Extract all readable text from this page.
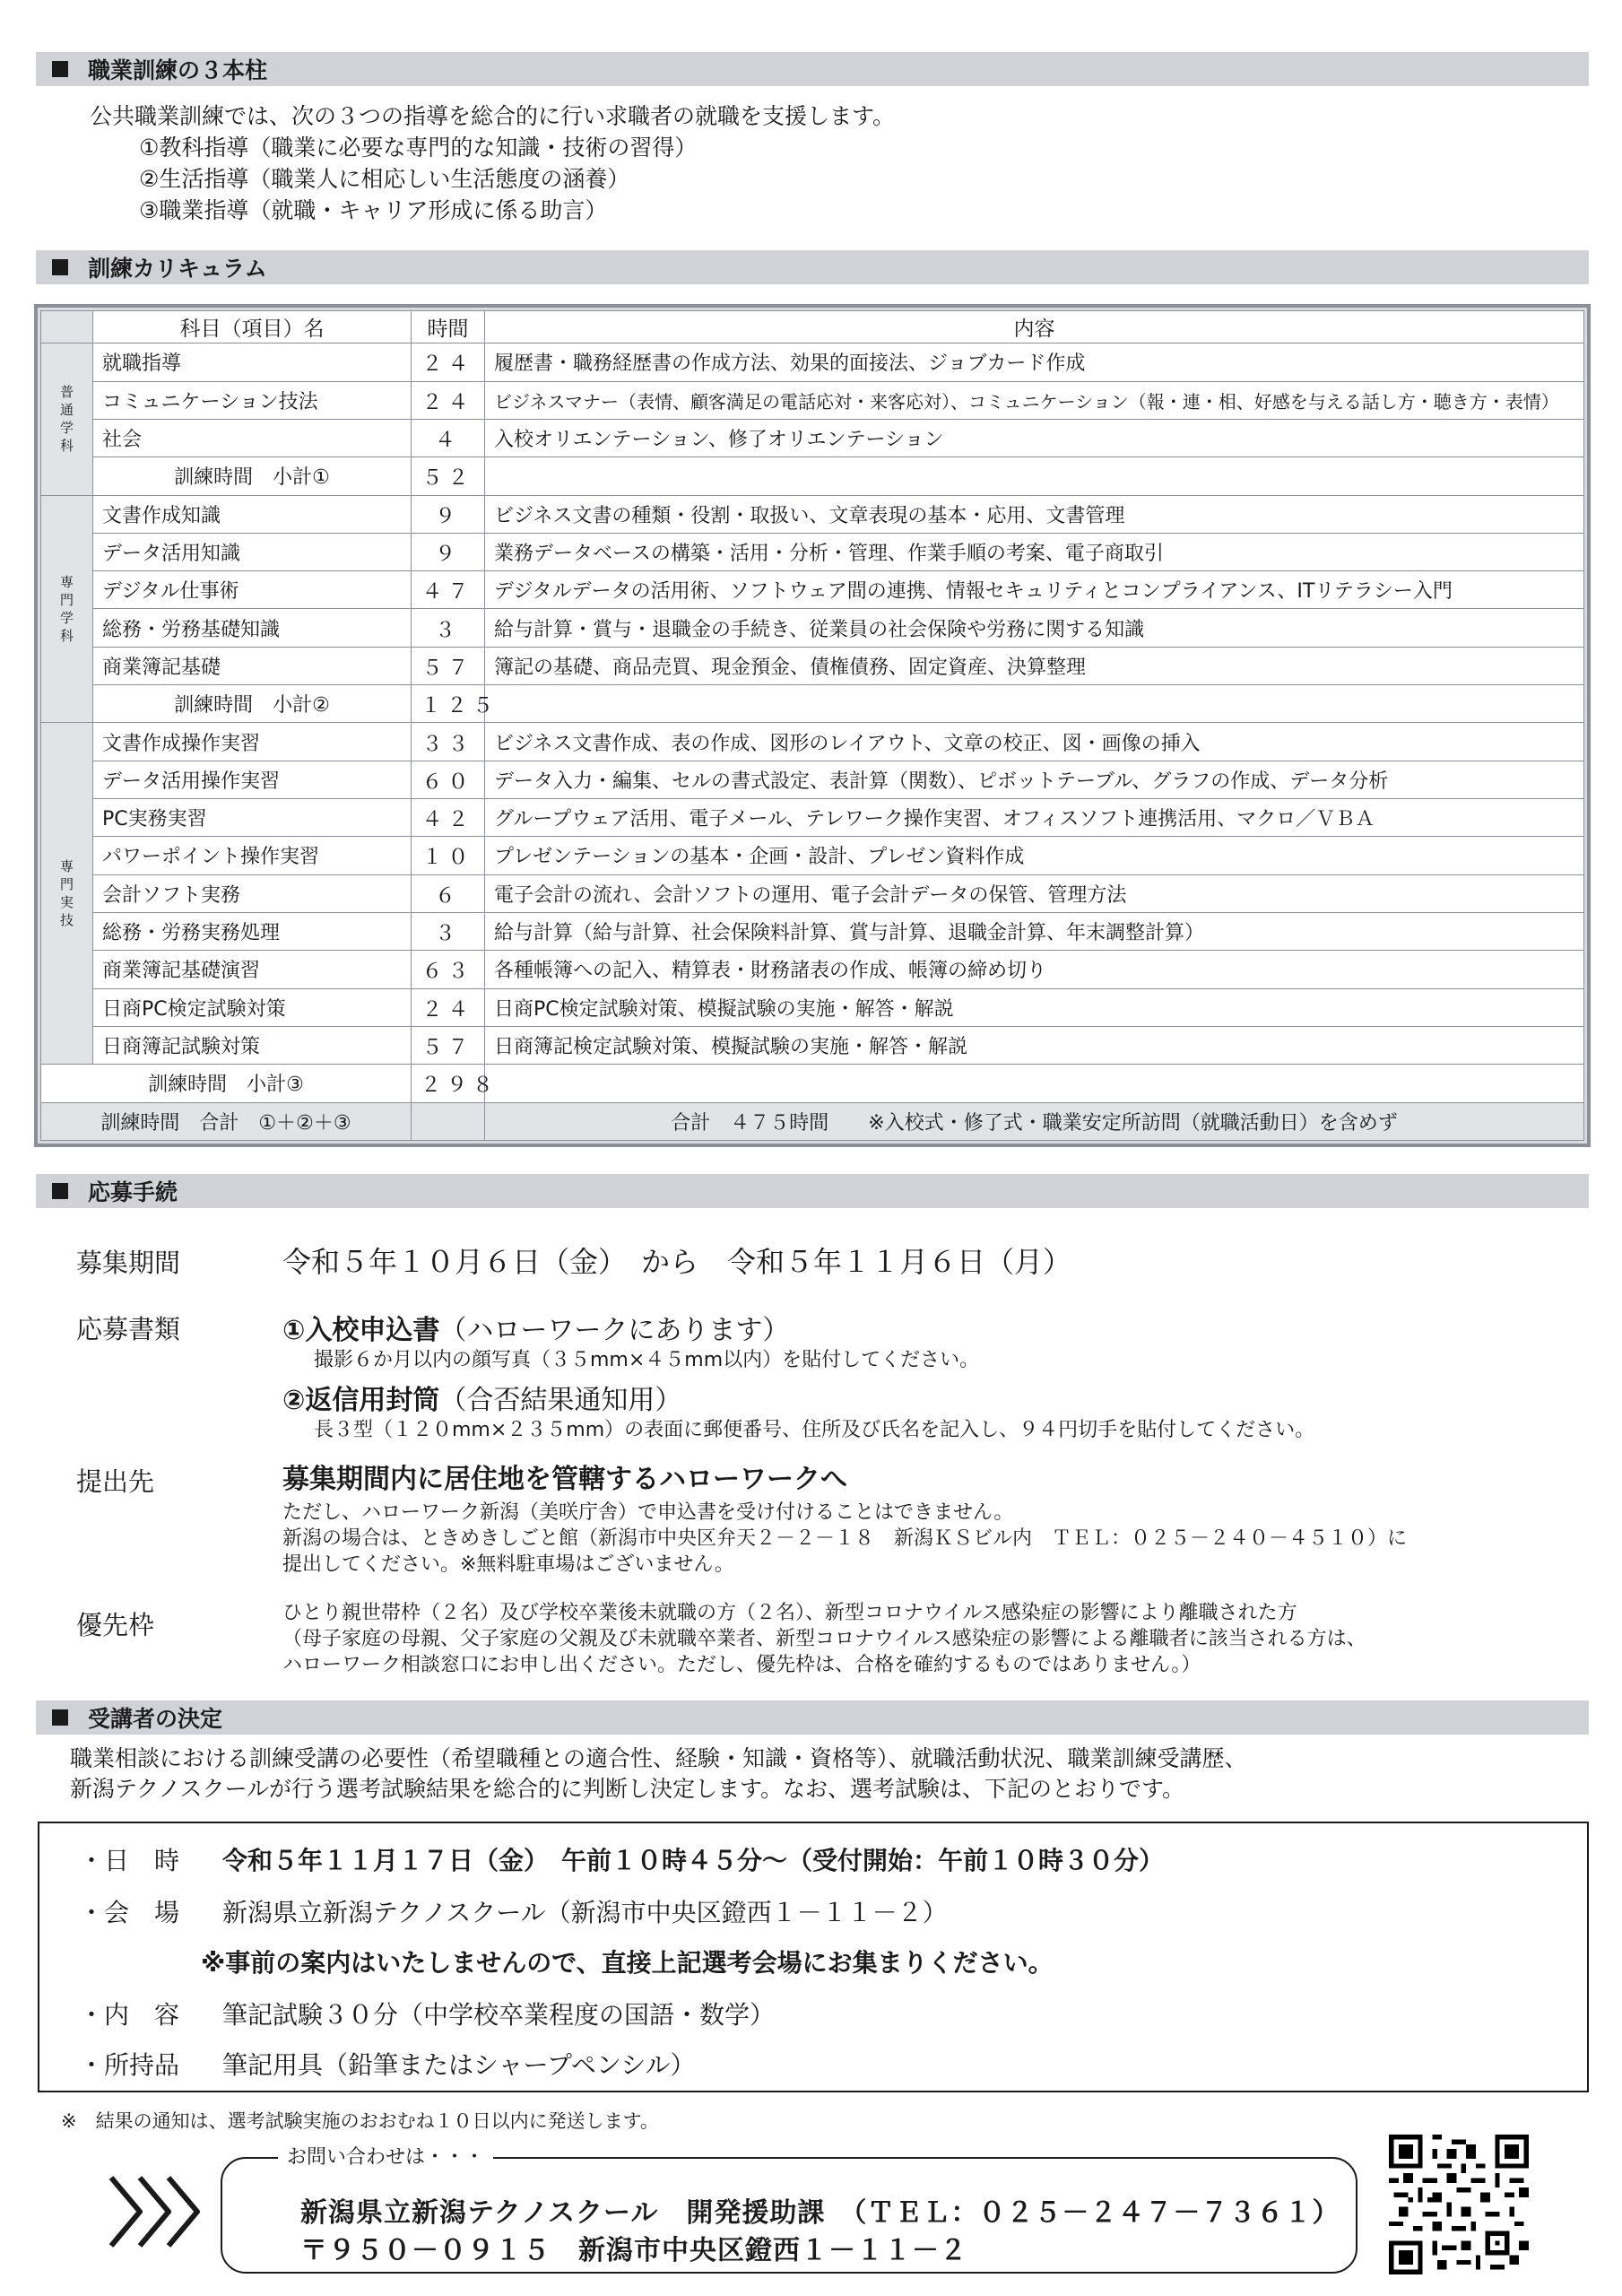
職業訓練の３本柱
公共職業訓練では、次の３つの指導を総合的に行い求職者の就職を支援します。
①教科指導（職業に必要な専門的な知識・技術の習得）
②生活指導（職業人に相応しい生活態度の涵養）
③職業指導（就職・キャリア形成に係る助言）
訓練カリキュラム
	科目（項目）名	時間	内容

普
通
学
科	就職指導	２４	履歴書・職務経歴書の作成方法、効果的面接法、ジョブカード作成
	コミュニケーション技法	２４	ビジネスマナー（表情、顧客満足の電話応対・来客応対）、コミュニケーション（報・連・相、好感を与える話し方・聴き方・表情）
	社会	４	入校オリエンテーション、修了オリエンテーション
	訓練時間　小計①	５２	

専
門
学
科	文書作成知識	９	ビジネス文書の種類・役割・取扱い、文章表現の基本・応用、文書管理
	データ活用知識	９	業務データベースの構築・活用・分析・管理、作業手順の考案、電子商取引
	デジタル仕事術	４７	デジタルデータの活用術、ソフトウェア間の連携、情報セキュリティとコンプライアンス、ITリテラシー入門
	総務・労務基礎知識	３	給与計算・賞与・退職金の手続き、従業員の社会保険や労務に関する知識
	商業簿記基礎	５７	簿記の基礎、商品売買、現金預金、債権債務、固定資産、決算整理
	訓練時間　小計②	１２５	

専
門
実
技	文書作成操作実習	３３	ビジネス文書作成、表の作成、図形のレイアウト、文章の校正、図・画像の挿入
	データ活用操作実習	６０	データ入力・編集、セルの書式設定、表計算（関数）、ピボットテーブル、グラフの作成、データ分析
	PC実務実習	４２	グループウェア活用、電子メール、テレワーク操作実習、オフィスソフト連携活用、マクロ／ＶＢＡ
	パワーポイント操作実習	１０	プレゼンテーションの基本・企画・設計、プレゼン資料作成
	会計ソフト実務	６	電子会計の流れ、会計ソフトの運用、電子会計データの保管、管理方法
	総務・労務実務処理	３	給与計算（給与計算、社会保険料計算、賞与計算、退職金計算、年末調整計算）
	商業簿記基礎演習	６３	各種帳簿への記入、精算表・財務諸表の作成、帳簿の締め切り
	日商PC検定試験対策	２４	日商PC検定試験対策、模擬試験の実施・解答・解説
	日商簿記試験対策	５７	日商簿記検定試験対策、模擬試験の実施・解答・解説
訓練時間　小計③		２９８	
訓練時間　合計　①＋②＋③			合計　４７５時間　　※入校式・修了式・職業安定所訪問（就職活動日）を含めず
応募手続
募集期間	令和５年１０月６日（金）　から　令和５年１１月６日（月）
応募書類	①入校申込書（ハローワークにあります）
撮影６か月以内の顔写真（３５mm×４５mm以内）を貼付してください。
②返信用封筒（合否結果通知用）
長３型（１２０mm×２３５mm）の表面に郵便番号、住所及び氏名を記入し、９４円切手を貼付してください。
提出先	募集期間内に居住地を管轄するハローワークへ
ただし、ハローワーク新潟（美咲庁舎）で申込書を受け付けることはできません。
新潟の場合は、ときめきしごと館（新潟市中央区弁天２－２－１８　新潟ＫＳビル内　ＴＥＬ：０２５－２４０－４５１０）に
提出してください。※無料駐車場はございません。
優先枠	ひとり親世帯枠（２名）及び学校卒業後未就職の方（２名）、新型コロナウイルス感染症の影響により離職された方
（母子家庭の母親、父子家庭の父親及び未就職卒業者、新型コロナウイルス感染症の影響による離職者に該当される方は、
ハローワーク相談窓口にお申し出ください。ただし、優先枠は、合格を確約するものではありません。）
受講者の決定
職業相談における訓練受講の必要性（希望職種との適合性、経験・知識・資格等）、就職活動状況、職業訓練受講歴、
新潟テクノスクールが行う選考試験結果を総合的に判断し決定します。なお、選考試験は、下記のとおりです。
・日　時	令和５年１１月１７日（金）　午前１０時４５分～（受付開始：午前１０時３０分）
・会　場	新潟県立新潟テクノスクール（新潟市中央区鐙西１－１１－２）
※事前の案内はいたしませんので、直接上記選考会場にお集まりください。
・内　容	筆記試験３０分（中学校卒業程度の国語・数学）
・所持品	筆記用具（鉛筆またはシャープペンシル）
※　結果の通知は、選考試験実施のおおむね１０日以内に発送します。
お問い合わせは・・・
新潟県立新潟テクノスクール　開発援助課　（ＴＥＬ：０２５－２４７－７３６１）
〒９５０－０９１５　新潟市中央区鐙西１－１１－２
